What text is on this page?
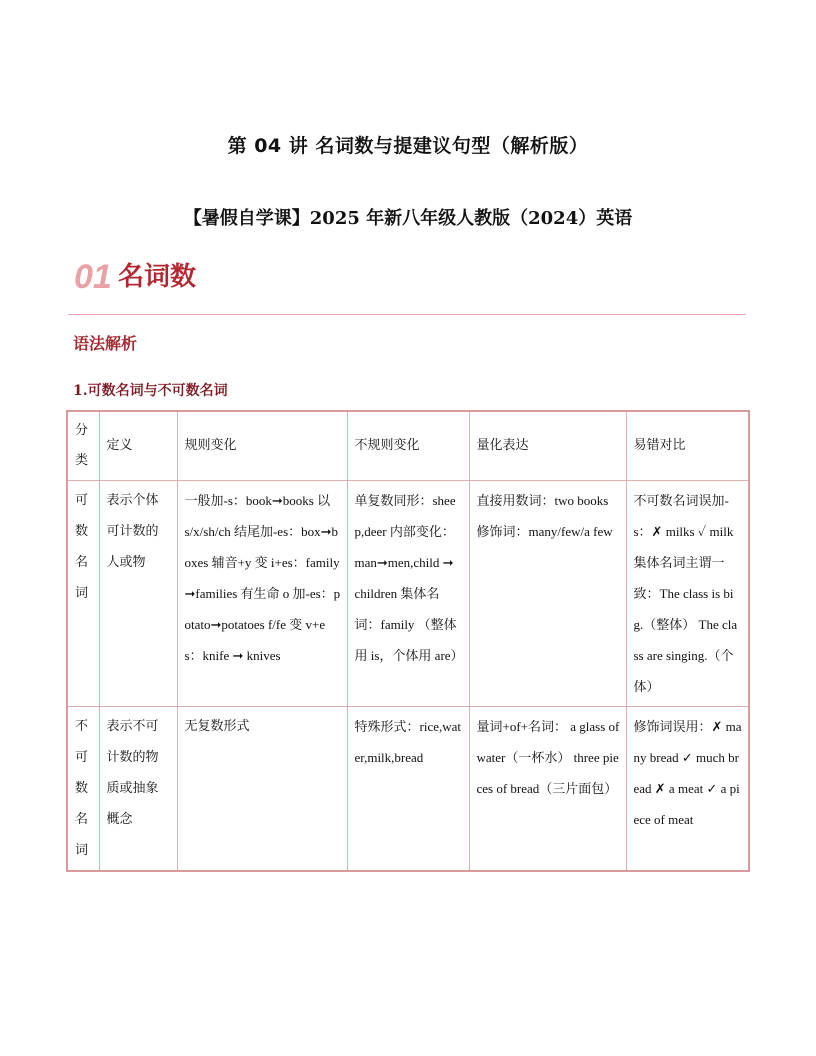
第 04 讲 名词数与提建议句型（解析版）
【暑假自学课】2025 年新八年级人教版（2024）英语
01 名词数
语法解析
1.可数名词与不可数名词
分类	定义	规则变化	不规则变化	量化表达	易错对比
可数名词	表示个体可计数的人或物	一般加-s：book➞books 以 s/x/sh/ch 结尾加-es：box➞boxes 辅音+y 变 i+es：family ➞families 有生命 o 加-es：potato➞potatoes f/fe 变 v+es：knife ➞ knives	单复数同形：sheep,deer 内部变化：man➞men,child ➞ children 集体名词：family （整体用 is，个体用 are）	直接用数词：two books 修饰词：many/few/a few	不可数名词误加-s：✗ milks ✓ milk 集体名词主谓一致：The class is big.（整体） The class are singing.（个体）
不可数名词	表示不可计数的物质或抽象概念	无复数形式	特殊形式：rice,water,milk,bread	量词+of+名词： a glass of water（一杯水） three pieces of bread（三片面包）	修饰词误用：✗ many bread ✓ much bread ✗ a meat ✓ a piece of meat
